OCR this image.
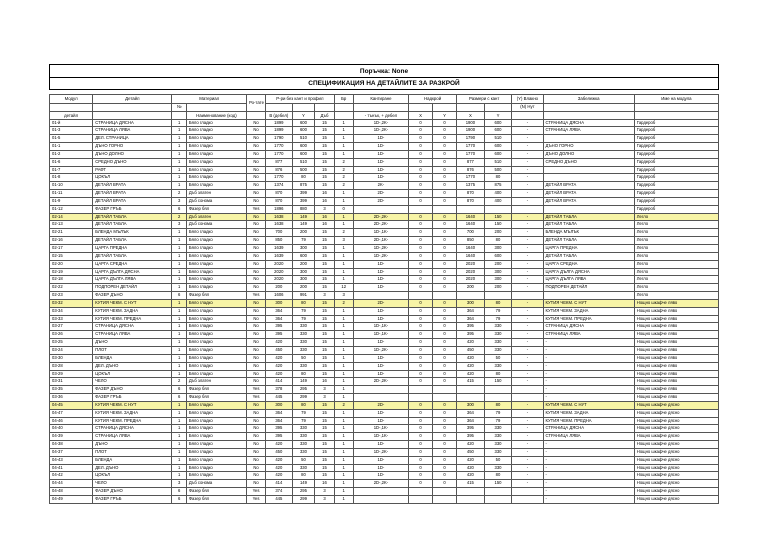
Поръчка: None
СПЕЦИФИКАЦИЯ НА ДЕТАЙЛИТЕ ЗА РАЗКРОЙ
Модул	Детайл	Материал		Ро-тате	Р-ри без кант и профил			Бр	Кантиране	Надкрой		Размери с кант		(Y) Влакно	Забележка	Име на модула
		№												(N) Нут		
детайл			Наименование (код)		В (дебел)	Y	Дъб		- тънък, + дебел	X	Y	X	Y			
01-й	СТРАНИЦА ДЯСНА	1	Бяло гладко	No	1899	600	15	1	1D-,2K-	0	0	1900	600	-	СТРАНИЦА ДЯСНА	Гардероб
01-3	СТРАНИЦА ЛЯВА	1	Бяло гладко	No	1899	600	15	1	1D-,2K-	0	0	1900	600	-	СТРАНИЦА ЛЯВА	Гардероб
01-5	ДЕЛ. СТРАНИЦА	1	Бяло гладко	No	1790	510	15	1	1D-	0	0	1790	510	-		Гардероб
01-1	ДЪНО ГОРНО	1	Бяло гладко	No	1770	600	15	1	1D-	0	0	1770	600	-	ДЪНО ГОРНО	Гардероб
01-2	ДЪНО ДОЛНО	1	Бяло гладко	No	1770	600	15	1	1D-	0	0	1770	600	-	ДЪНО ДОЛНО	Гардероб
01-6	СРЕДНО ДЪНО	1	Бяло гладко	No	877	510	15	2	1D-	0	0	877	510	-	СРЕДНО ДЪНО	Гардероб
01-7	РАФТ	1	Бяло гладко	No	876	500	15	2	1D-	0	0	876	500	-		Гардероб
01-8	ЦОКЪЛ	1	Бяло гладко	No	1770	80	15	2	1D-	0	0	1770	80	-		Гардероб
01-10	ДЕТАЙЛ ВРАТА	1	Бяло гладко	No	1374	875	15	2	2K-	0	0	1375	875	-	ДЕТАЙЛ ВРАТА	Гардероб
01-11	ДЕТАЙЛ ВРАТА	2	Дъб златен	No	870	399	16	1	2D-	0	0	870	400	-	ДЕТАЙЛ ВРАТА	Гардероб
01-9	ДЕТАЙЛ ВРАТА	3	Дъб сонома	No	870	399	16	1	2D-	0	0	870	400	-	ДЕТАЙЛ ВРАТА	Гардероб
01-12	ФАЗЕР ГРЪБ	6	Фазер бял	Yes	1896	880	3	0								Гардероб
02-14	ДЕТАЙЛ ТАБЛА	2	Дъб златен	No	1638	149	16	1	2D-,2K-	0	0	1640	150	-	ДЕТАЙЛ ТАБЛА	Легло
02-13	ДЕТАЙЛ ТАБЛА	3	Дъб сонома	No	1638	149	16	1	2D-,2K-	0	0	1640	150	-	ДЕТАЙЛ ТАБЛА	Легло
02-21	БЛЕНДА МЪЛЪК	1	Бяло гладко	No	700	200	15	2	1D-,1K-	0	0	700	200	-	БЛЕНДА МЪЛЪК	Легло
02-16	ДЕТАЙЛ ТАБЛА	1	Бяло гладко	No	850	79	15	3	2D-,1K-	0	0	850	80	-	ДЕТАЙЛ ТАБЛА	Легло
02-17	ЦАРГА ПРЕДНА	1	Бяло гладко	No	1639	300	15	1	1D-,2K-	0	0	1640	300	-	ЦАРГА ПРЕДНА	Легло
02-15	ДЕТАЙЛ ТАБЛА	1	Бяло гладко	No	1639	600	15	1	1D-,2K-	0	0	1640	600	-	ДЕТАЙЛ ТАБЛА	Легло
02-20	ЦАРГА СРЕДНА	1	Бяло гладко	No	2020	200	15	1	1D-	0	0	2020	200	-	ЦАРГА СРЕДНА	Легло
02-19	ЦАРГА ДЪЛГА ДЯСНА	1	Бяло гладко	No	2020	300	15	1	1D-	0	0	2020	300	-	ЦАРГА ДЪЛГА ДЯСНА	Легло
02-18	ЦАРГА ДЪЛГА ЛЯВА	1	Бяло гладко	No	2020	300	15	1	1D-	0	0	2020	300	-	ЦАРГА ДЪЛГА ЛЯВА	Легло
02-22	ПОДПОРЕН ДЕТАЙЛ	1	Бяло гладко	No	200	200	15	12	1D-	0	0	200	200	-	ПОДПОРЕН ДЕТАЙЛ	Легло
02-23	ФАЗЕР ДЪНО	6	Фазер бял	Yes	1606	991	3	3								Легло
03-32	КУТИЯ ЧЕКМ. С НУТ	1	Бяло гладко	No	300	80	15	2	2D-	0	0	300	80	-	КУТИЯ ЧЕКМ. С НУТ	Нощно шкафче ляво
03-34	КУТИЯ ЧЕКМ. ЗАДНА	1	Бяло гладко	No	364	79	15	1	1D-	0	0	364	79	-	КУТИЯ ЧЕКМ. ЗАДНА	Нощно шкафче ляво
03-33	КУТИЯ ЧЕКМ. ПРЕДНА	1	Бяло гладко	No	364	79	15	1	1D-	0	0	364	79	-	КУТИЯ ЧЕКМ. ПРЕДНА	Нощно шкафче ляво
03-27	СТРАНИЦА ДЯСНА	1	Бяло гладко	No	395	330	15	1	1D-,1K-	0	0	395	330	-	СТРАНИЦА ДЯСНА	Нощно шкафче ляво
03-26	СТРАНИЦА ЛЯВА	1	Бяло гладко	No	395	330	15	1	1D-,1K-	0	0	395	330	-	СТРАНИЦА ЛЯВА	Нощно шкафче ляво
03-25	ДЪНО	1	Бяло гладко	No	420	330	15	1	1D-	0	0	420	330	-	-	Нощно шкафче ляво
03-24	ПЛОТ	1	Бяло гладко	No	450	330	15	1	1D-,2K-	0	0	450	330	-	-	Нощно шкафче ляво
03-30	БЛЕНДА	1	Бяло гладко	No	420	50	15	1	1D-	0	0	420	50	-	-	Нощно шкафче ляво
03-28	ДЕЛ. ДЪНО	1	Бяло гладко	No	420	330	15	1	1D-	0	0	420	330	-	-	Нощно шкафче ляво
03-29	ЦОКЪЛ	1	Бяло гладко	No	420	80	15	1	1D-	0	0	420	80	-	-	Нощно шкафче ляво
03-31	ЧЕЛО	2	Дъб златен	No	414	149	16	1	2D-,2K-	0	0	415	150	-	-	Нощно шкафче ляво
03-35	ФАЗЕР ДЪНО	6	Фазер бял	Yes	378	295	3	1							-	Нощно шкафче ляво
03-36	ФАЗЕР ГРЪБ	6	Фазер бял	Yes	445	299	3	1							-	Нощно шкафче ляво
04-45	КУТИЯ ЧЕКМ. С НУТ	1	Бяло гладко	No	300	80	15	2	2D-	0	0	300	80	-	КУТИЯ ЧЕКМ. С НУТ	Нощно шкафче дясно
04-47	КУТИЯ ЧЕКМ. ЗАДНА	1	Бяло гладко	No	364	79	15	1	1D-	0	0	364	79	-	КУТИЯ ЧЕКМ. ЗАДНА	Нощно шкафче дясно
04-46	КУТИЯ ЧЕКМ. ПРЕДНА	1	Бяло гладко	No	364	79	15	1	1D-	0	0	364	79	-	КУТИЯ ЧЕКМ. ПРЕДНА	Нощно шкафче дясно
04-40	СТРАНИЦА ДЯСНА	1	Бяло гладко	No	395	330	15	1	1D-,1K-	0	0	395	330	-	СТРАНИЦА ДЯСНА	Нощно шкафче дясно
04-39	СТРАНИЦА ЛЯВА	1	Бяло гладко	No	395	330	15	1	1D-,1K-	0	0	395	330	-	СТРАНИЦА ЛЯВА	Нощно шкафче дясно
04-38	ДЪНО	1	Бяло гладко	No	420	330	15	1	1D-	0	0	420	330	-	-	Нощно шкафче дясно
04-37	ПЛОТ	1	Бяло гладко	No	450	330	15	1	1D-,2K-	0	0	450	330	-	-	Нощно шкафче дясно
04-43	БЛЕНДА	1	Бяло гладко	No	420	50	15	1	1D-	0	0	420	50	-	-	Нощно шкафче дясно
04-41	ДЕЛ. ДЪНО	1	Бяло гладко	No	420	330	15	1	1D-	0	0	420	330	-	-	Нощно шкафче дясно
04-42	ЦОКЪЛ	1	Бяло гладко	No	420	80	15	1	1D-	0	0	420	80	-	-	Нощно шкафче дясно
04-44	ЧЕЛО	3	Дъб сонома	No	414	149	16	1	2D-,2K-	0	0	415	150	-	-	Нощно шкафче дясно
04-48	ФАЗЕР ДЪНО	6	Фазер бял	Yes	374	295	3	1							-	Нощно шкафче дясно
04-49	ФАЗЕР ГРЪБ	6	Фазер бял	Yes	445	299	3	1							-	Нощно шкафче дясно
